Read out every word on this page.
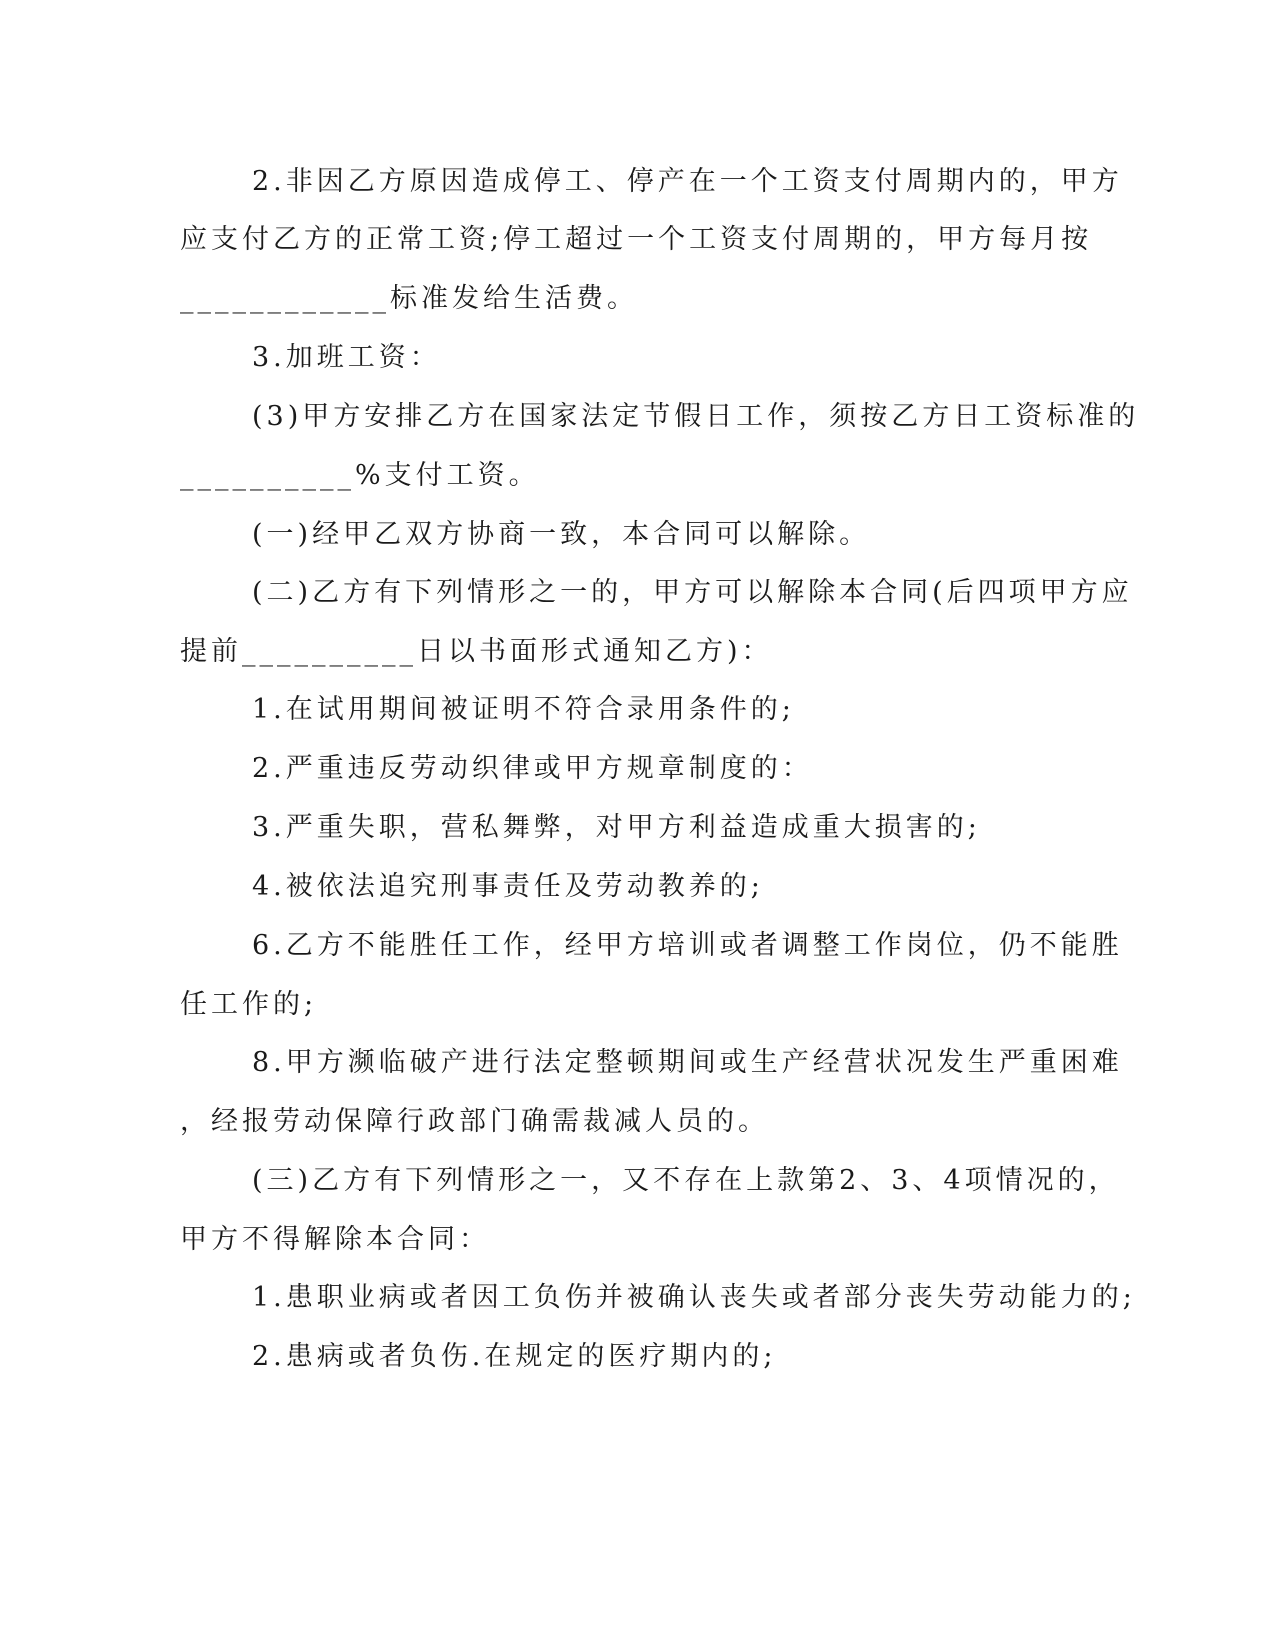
2.非因乙方原因造成停工、停产在一个工资支付周期内的，甲方
应支付乙方的正常工资;停工超过一个工资支付周期的，甲方每月按
____________标准发给生活费。
3.加班工资：
(3)甲方安排乙方在国家法定节假日工作，须按乙方日工资标准的
__________%支付工资。
(一)经甲乙双方协商一致，本合同可以解除。
(二)乙方有下列情形之一的，甲方可以解除本合同(后四项甲方应
提前__________日以书面形式通知乙方)：
1.在试用期间被证明不符合录用条件的;
2.严重违反劳动织律或甲方规章制度的：
3.严重失职，营私舞弊，对甲方利益造成重大损害的;
4.被依法追究刑事责任及劳动教养的;
6.乙方不能胜任工作，经甲方培训或者调整工作岗位，仍不能胜
任工作的;
8.甲方濒临破产进行法定整顿期间或生产经营状况发生严重困难
，经报劳动保障行政部门确需裁减人员的。
(三)乙方有下列情形之一，又不存在上款第2、3、4项情况的，
甲方不得解除本合同：
1.患职业病或者因工负伤并被确认丧失或者部分丧失劳动能力的;
2.患病或者负伤.在规定的医疗期内的;
